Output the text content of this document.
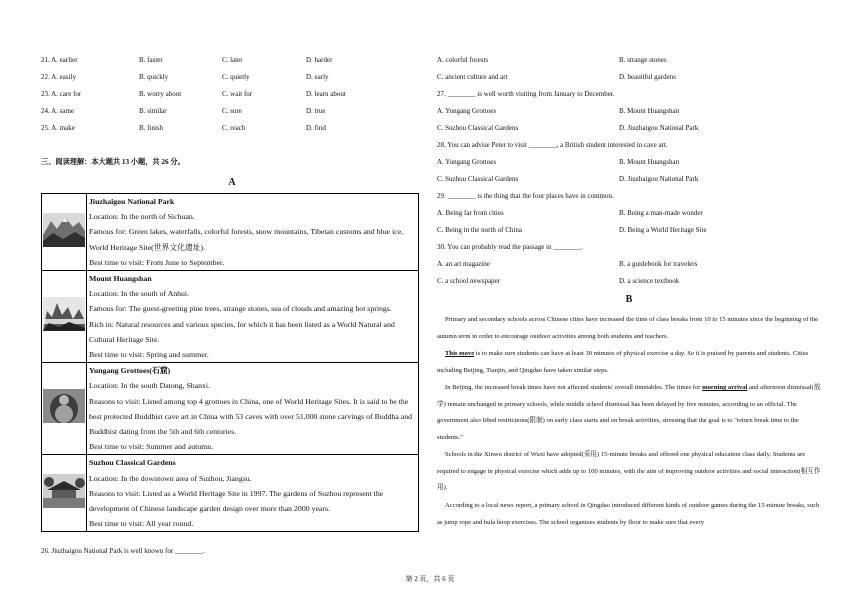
21. A. earlier	B. faster	C. later	D. harder
22. A. easily	B. quickly	C. quietly	D. early
23. A. care for	B. worry about	C. wait for	D. learn about
24. A. same	B. similar	C. sure	D. true
25. A. make	B. finish	C. reach	D. find
三、阅读理解：本大题共 13 小题，共 26 分。
A

Jiuzhaigou National Park
Location: In the north of Sichuan.
Famous for: Green lakes, waterfalls, colorful forests, snow mountains, Tibetan customs and blue ice, World Heritage Site(世界文化遗址).
Best time to visit: From June to September.

Mount Huangshan
Location: In the south of Anhui.
Famous for: The guest-greeting pine trees, strange stones, sea of clouds and amazing hot springs.
Rich in: Natural resources and various species, for which it has been listed as a World Natural and Cultural Heritage Site.
Best time to visit: Spring and summer.

Yungang Grottoes(石窟)
Location: In the south Datong, Shanxi.
Reasons to visit: Listed among top 4 grottoes in China, one of World Heritage Sites. It is said to be the best protected Buddhist cave art in China with 53 caves with over 51,000 stone carvings of Buddha and Buddhist dating from the 5th and 6th centuries.
Best time to visit: Summer and autumn.

Suzhou Classical Gardens
Location: In the downtown area of Suzhou, Jiangsu.
Reasons to visit: Listed as a World Heritage Site in 1997. The gardens of Suzhou represent the development of Chinese landscape garden design over more than 2000 years.
Best time to visit: All year round.
26. Jiuzhaigou National Park is well known for ________.
A. colorful forests	B. strange stones
C. ancient culture and art	D. beautiful gardens
27. ________ is well worth visiting from January to December.
A. Yungang Grottoes	B. Mount Huangshan
C. Suzhou Classical Gardens	D. Jiuzhaigou National Park
28. You can advise Peter to visit ________, a British student interested in cave art.
A. Yungang Grottoes	B. Mount Huangshan
C. Suzhou Classical Gardens	D. Jiuzhaigou National Park
29. ________ is the thing that the four places have in common.
A. Being far from cities	B. Being a man-made wonder
C. Being in the north of China	D. Being a World Heritage Site
30. You can probably read the passage in ________.
A. an art magazine	B. a guidebook for travelers
C. a school newspaper	D. a science textbook
B
Primary and secondary schools across Chinese cities have increased the time of class breaks from 10 to 15 minutes since the beginning of the autumn term in order to encourage outdoor activities among both students and teachers.
This move is to make sure students can have at least 30 minutes of physical exercise a day. So it is praised by parents and students. Cities including Beijing, Tianjin, and Qingdao have taken similar steps.
In Beijing, the increased break times have not affected students' overall timetables. The times for morning arrival and afternoon dismissal(放学) remain unchanged in primary schools, while middle school dismissal has been delayed by five minutes, according to an official. The government also lifted restrictions(限制) on early class starts and on break activities, stressing that the goal is to "return break time to the students."
Schools in the Xinwu district of Wuxi have adopted(采用) 15-minute breaks and offered one physical education class daily. Students are required to engage in physical exercise which adds up to 100 minutes, with the aim of improving outdoor activities and social interaction(相互作用).
According to a local news report, a primary school in Qingdao introduced different kinds of outdoor games during the 15-minute breaks, such as jump rope and hula hoop exercises. The school organizes students by floor to make sure that every
第 2 页，共 6 页
